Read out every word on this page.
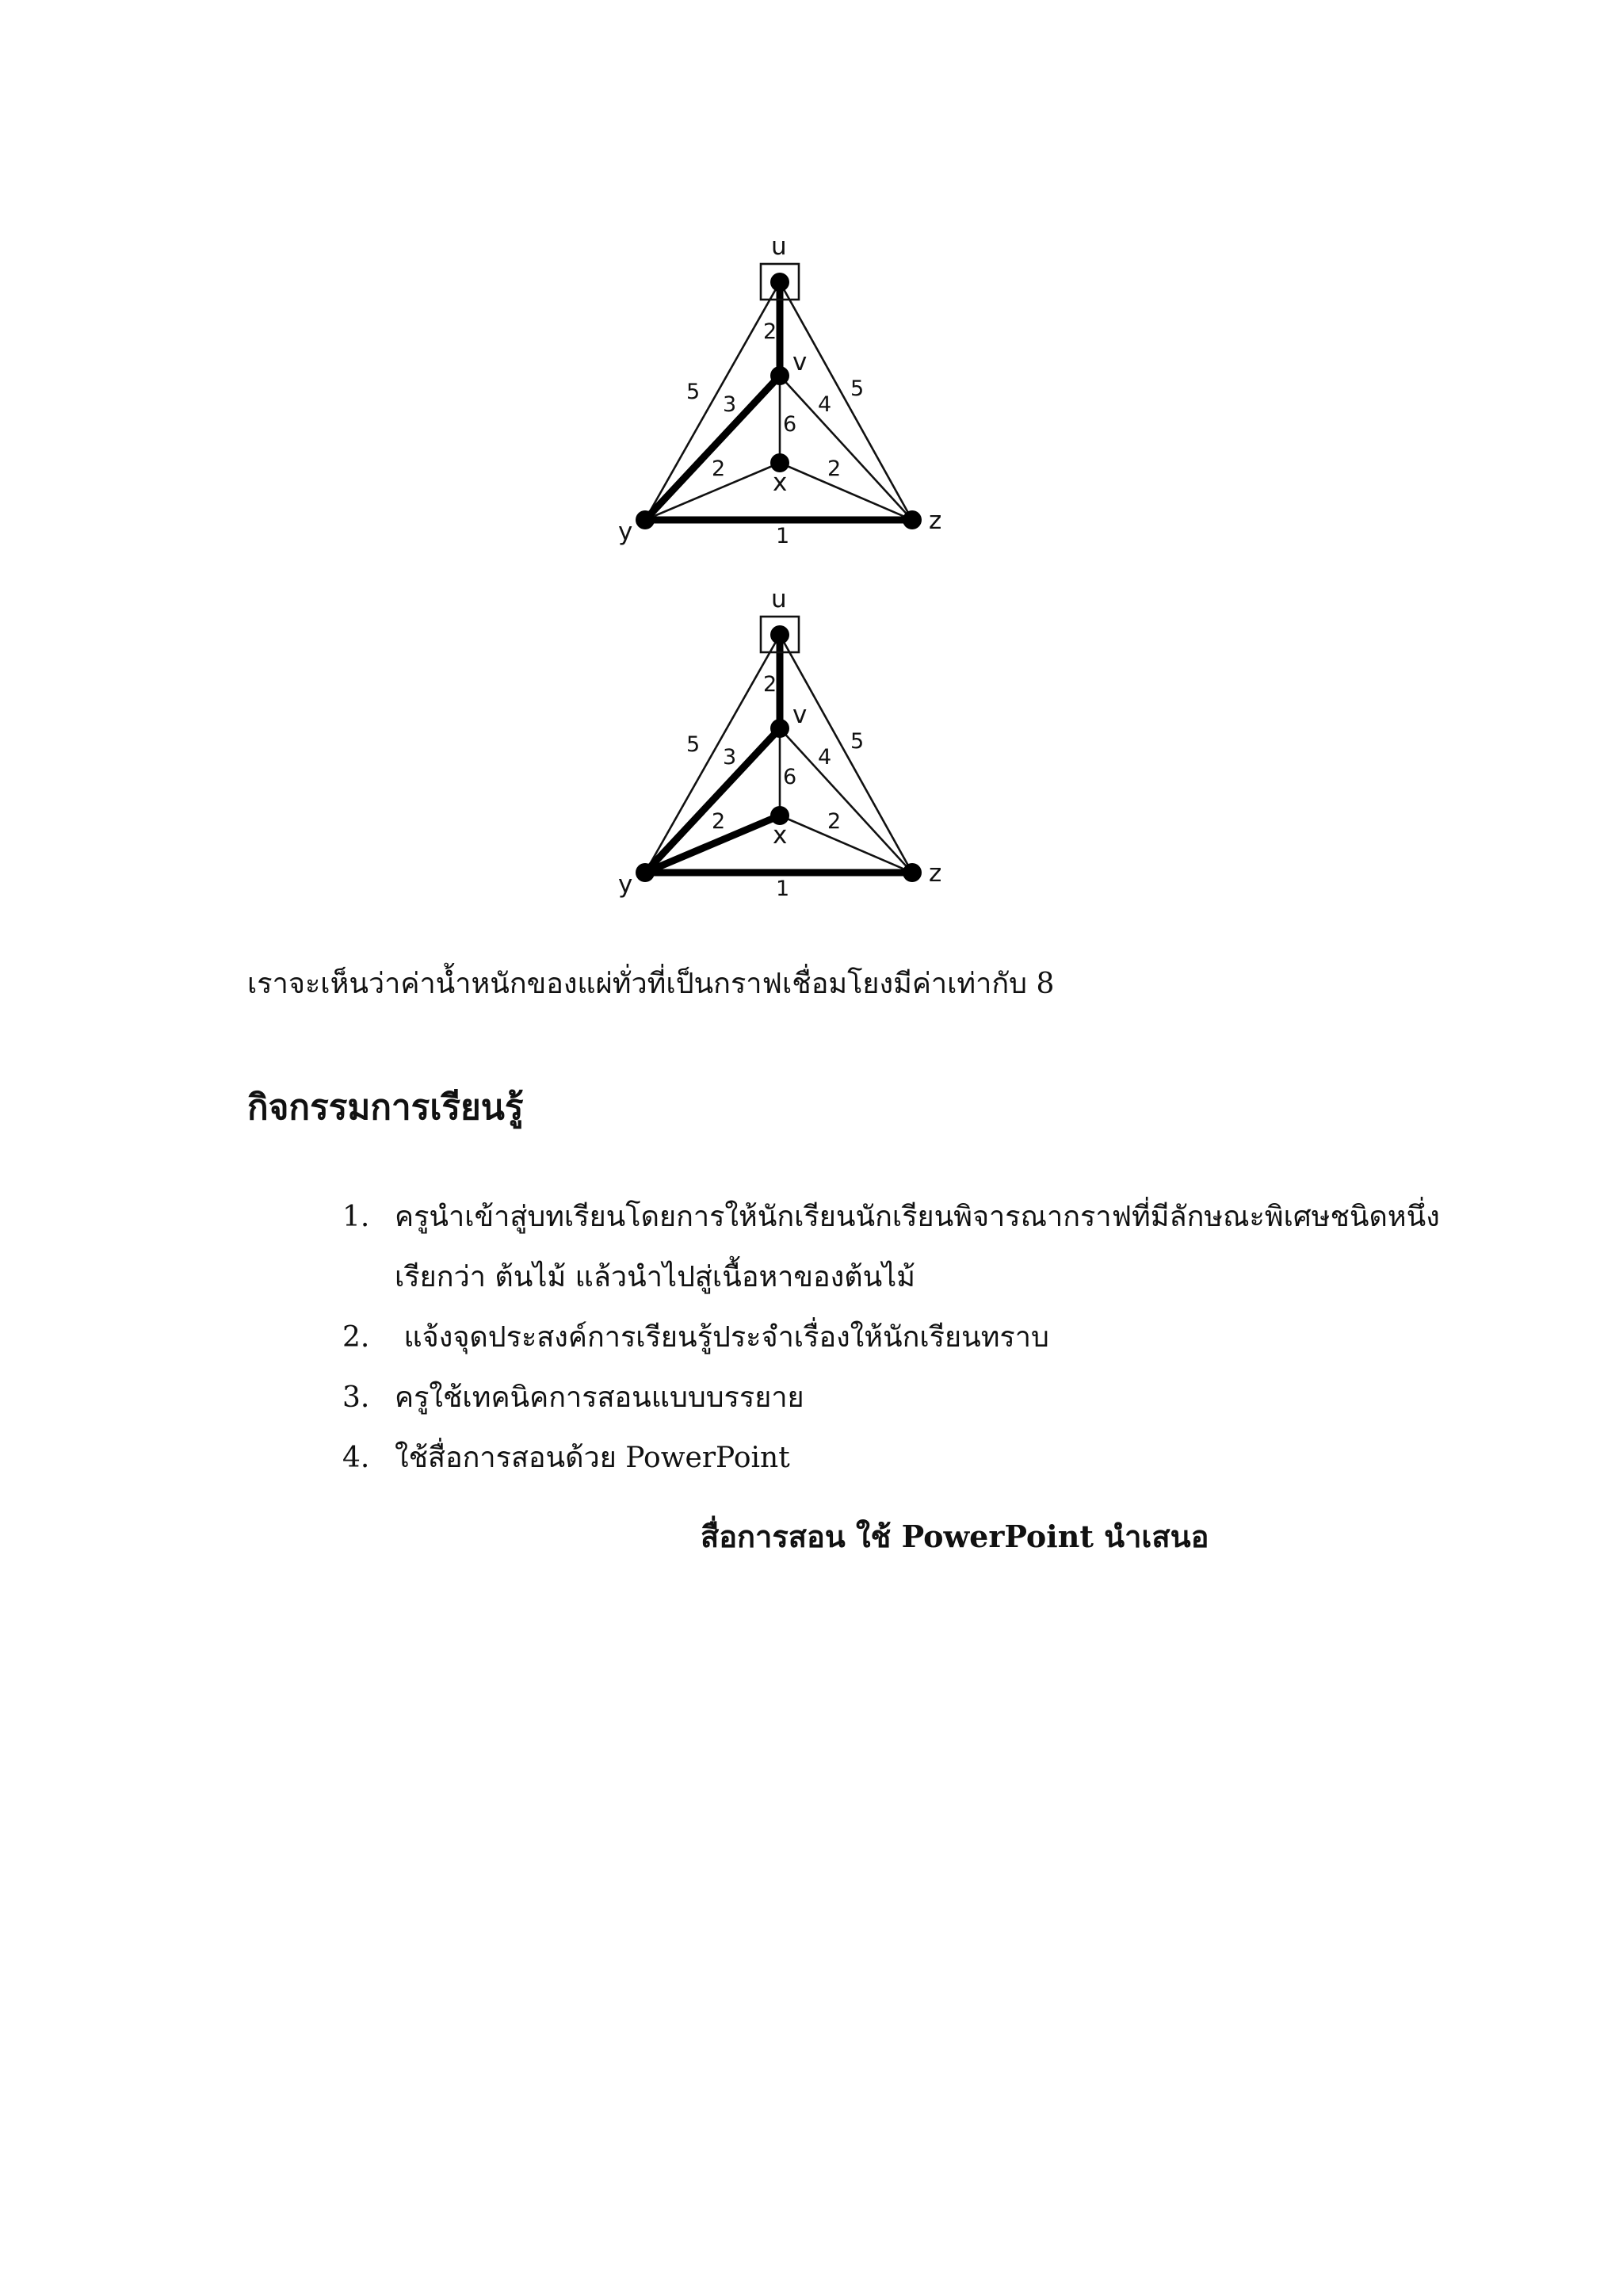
u
v
x
y	z
2
5	5
3	4
6
2	2
1
u
v
x
y	z
2
5	5
3	4
6
2	2
1

เราจะเห็นว่าค่าน้ำหนักของแผ่ทั่วที่เป็นกราฟเชื่อมโยงมีค่าเท่ากับ 8

กิจกรรมการเรียนรู้
1. ครูนำเข้าสู่บทเรียนโดยการให้นักเรียนนักเรียนพิจารณากราฟที่มีลักษณะพิเศษชนิดหนึ่ง
เรียกว่า ต้นไม้ แล้วนำไปสู่เนื้อหาของต้นไม้
2. แจ้งจุดประสงค์การเรียนรู้ประจำเรื่องให้นักเรียนทราบ
3. ครูใช้เทคนิคการสอนแบบบรรยาย
4. ใช้สื่อการสอนด้วย PowerPoint

สื่อการสอน ใช้ PowerPoint นำเสนอ
